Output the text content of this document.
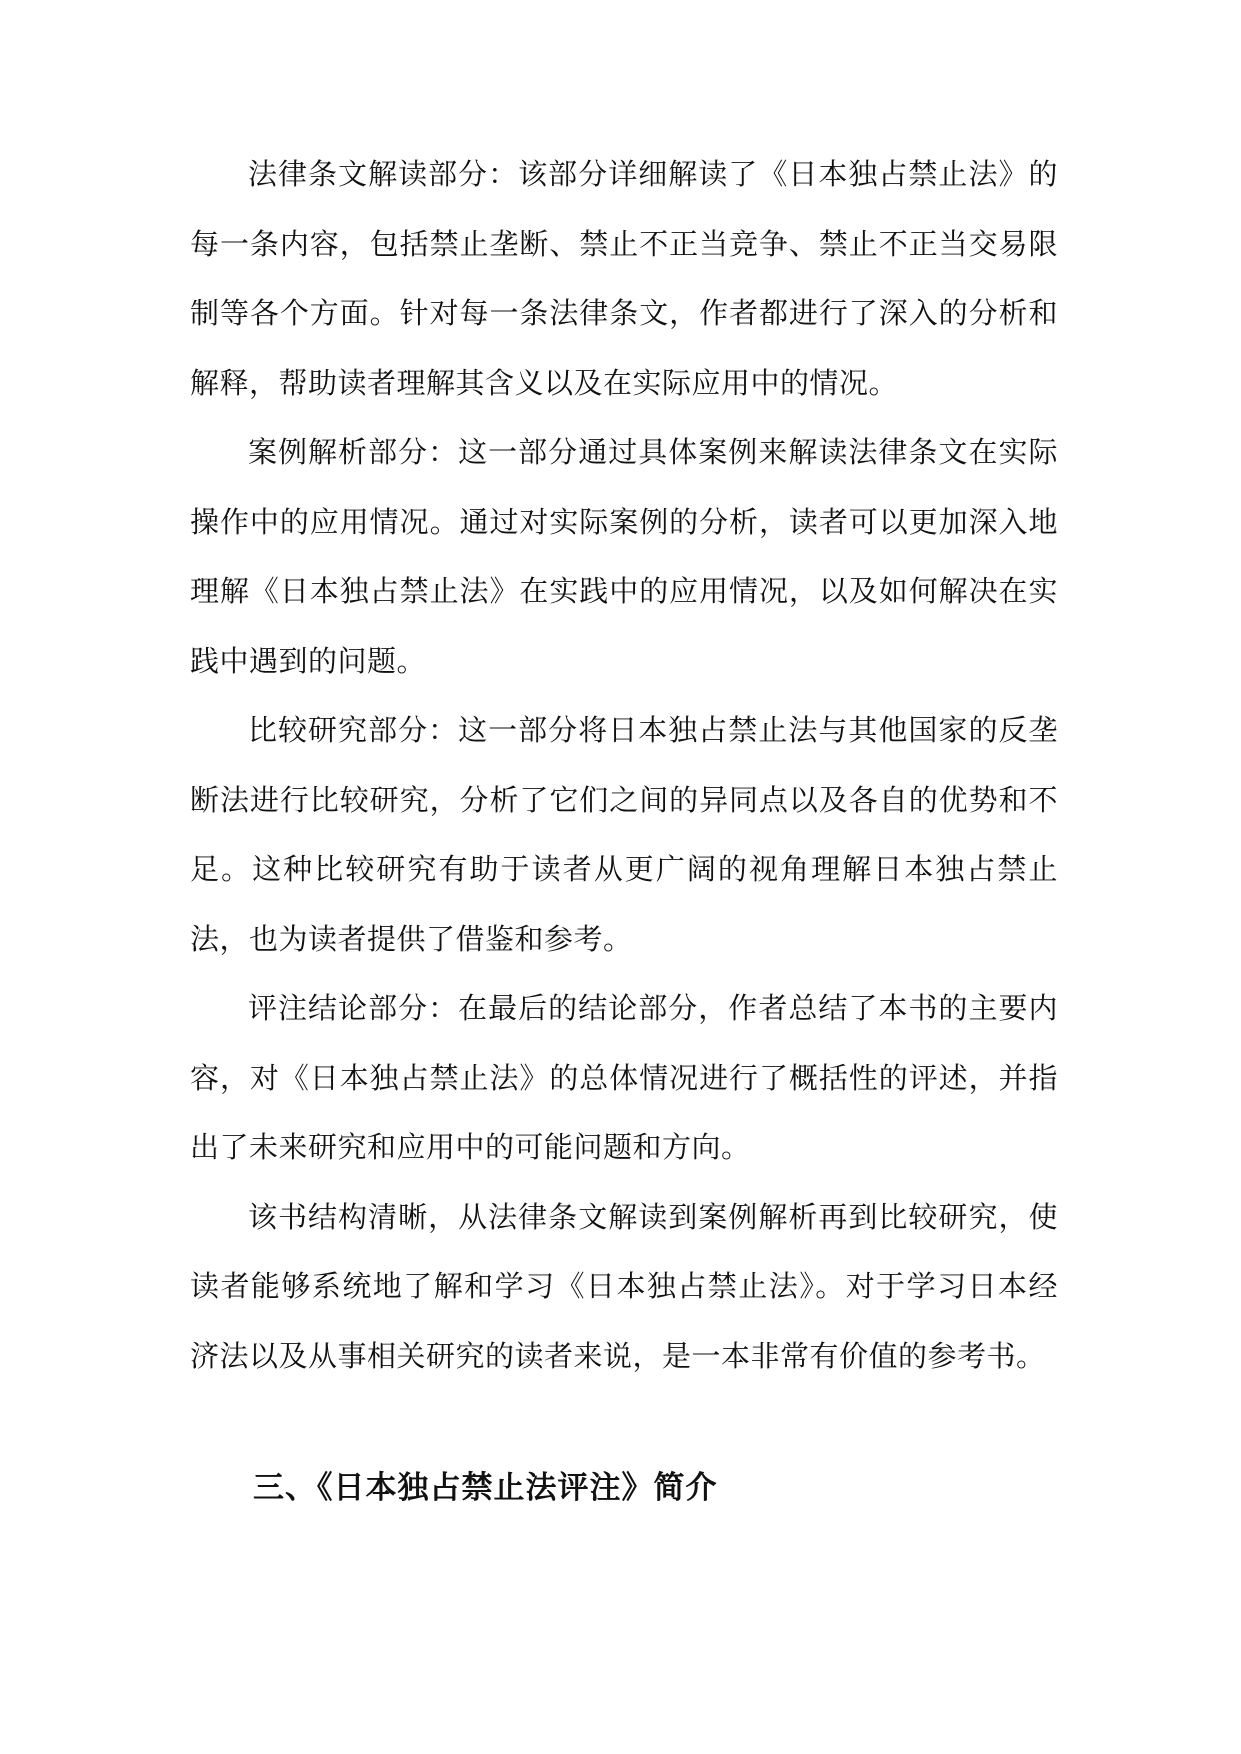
法律条文解读部分：该部分详细解读了《日本独占禁止法》的每一条内容，包括禁止垄断、禁止不正当竞争、禁止不正当交易限制等各个方面。针对每一条法律条文，作者都进行了深入的分析和解释，帮助读者理解其含义以及在实际应用中的情况。

案例解析部分：这一部分通过具体案例来解读法律条文在实际操作中的应用情况。通过对实际案例的分析，读者可以更加深入地理解《日本独占禁止法》在实践中的应用情况，以及如何解决在实践中遇到的问题。

比较研究部分：这一部分将日本独占禁止法与其他国家的反垄断法进行比较研究，分析了它们之间的异同点以及各自的优势和不足。这种比较研究有助于读者从更广阔的视角理解日本独占禁止法，也为读者提供了借鉴和参考。

评注结论部分：在最后的结论部分，作者总结了本书的主要内容，对《日本独占禁止法》的总体情况进行了概括性的评述，并指出了未来研究和应用中的可能问题和方向。

该书结构清晰，从法律条文解读到案例解析再到比较研究，使读者能够系统地了解和学习《日本独占禁止法》。对于学习日本经济法以及从事相关研究的读者来说，是一本非常有价值的参考书。

三、《日本独占禁止法评注》简介
